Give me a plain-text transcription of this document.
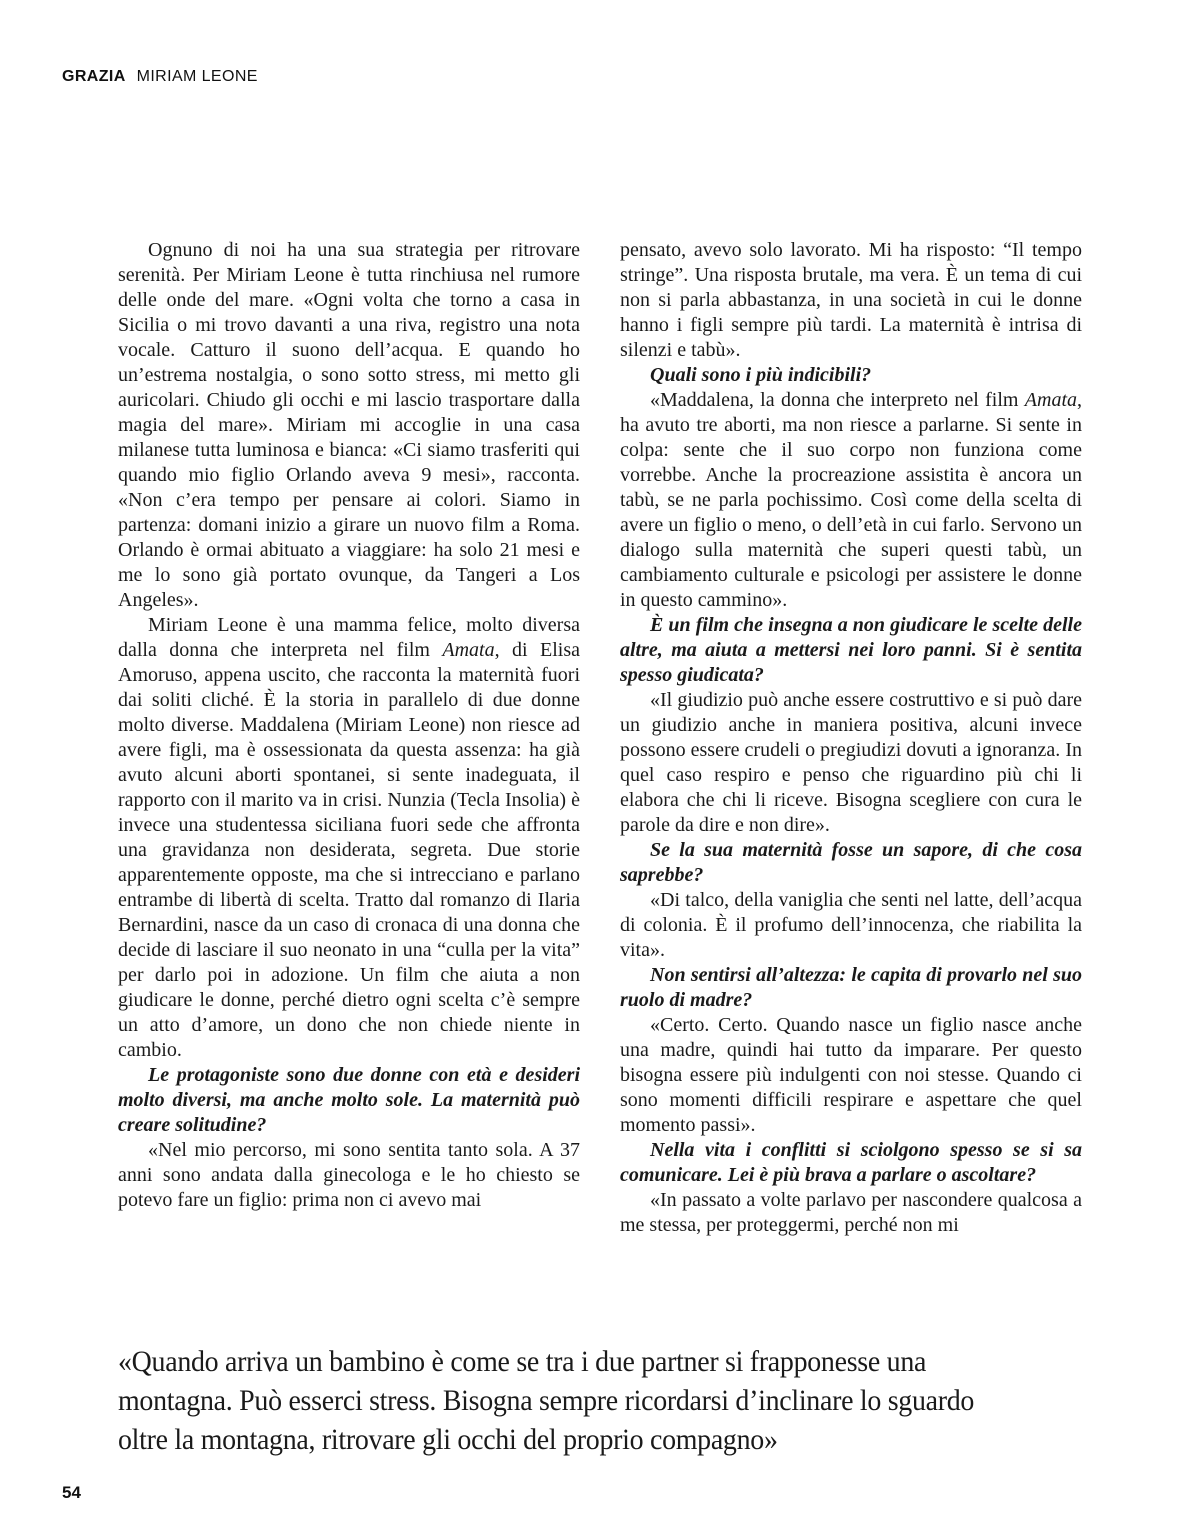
GRAZIA MIRIAM LEONE

Ognuno di noi ha una sua strategia per ritrovare serenità. Per Miriam Leone è tutta rinchiusa nel rumore delle onde del mare. «Ogni volta che torno a casa in Sicilia o mi trovo davanti a una riva, registro una nota vocale. Catturo il suono dell’acqua. E quando ho un’estrema nostalgia, o sono sotto stress, mi metto gli auricolari. Chiudo gli occhi e mi lascio trasportare dalla magia del mare». Miriam mi accoglie in una casa milanese tutta luminosa e bianca: «Ci siamo trasferiti qui quando mio figlio Orlando aveva 9 mesi», racconta. «Non c’era tempo per pensare ai colori. Siamo in partenza: domani inizio a girare un nuovo film a Roma. Orlando è ormai abituato a viaggiare: ha solo 21 mesi e me lo sono già portato ovunque, da Tangeri a Los Angeles».

Miriam Leone è una mamma felice, molto diversa dalla donna che interpreta nel film Amata, di Elisa Amoruso, appena uscito, che racconta la maternità fuori dai soliti cliché. È la storia in parallelo di due donne molto diverse. Maddalena (Miriam Leone) non riesce ad avere figli, ma è ossessionata da questa assenza: ha già avuto alcuni aborti spontanei, si sente inadeguata, il rapporto con il marito va in crisi. Nunzia (Tecla Insolia) è invece una studentessa siciliana fuori sede che affronta una gravidanza non desiderata, segreta. Due storie apparentemente opposte, ma che si intrecciano e parlano entrambe di libertà di scelta. Tratto dal romanzo di Ilaria Bernardini, nasce da un caso di cronaca di una donna che decide di lasciare il suo neonato in una “culla per la vita” per darlo poi in adozione. Un film che aiuta a non giudicare le donne, perché dietro ogni scelta c’è sempre un atto d’amore, un dono che non chiede niente in cambio.

Le protagoniste sono due donne con età e desideri molto diversi, ma anche molto sole. La maternità può creare solitudine?

«Nel mio percorso, mi sono sentita tanto sola. A 37 anni sono andata dalla ginecologa e le ho chiesto se potevo fare un figlio: prima non ci avevo mai

pensato, avevo solo lavorato. Mi ha risposto: “Il tempo stringe”. Una risposta brutale, ma vera. È un tema di cui non si parla abbastanza, in una società in cui le donne hanno i figli sempre più tardi. La maternità è intrisa di silenzi e tabù».

Quali sono i più indicibili?

«Maddalena, la donna che interpreto nel film Amata, ha avuto tre aborti, ma non riesce a parlarne. Si sente in colpa: sente che il suo corpo non funziona come vorrebbe. Anche la procreazione assistita è ancora un tabù, se ne parla pochissimo. Così come della scelta di avere un figlio o meno, o dell’età in cui farlo. Servono un dialogo sulla maternità che superi questi tabù, un cambiamento culturale e psicologi per assistere le donne in questo cammino».

È un film che insegna a non giudicare le scelte delle altre, ma aiuta a mettersi nei loro panni. Si è sentita spesso giudicata?

«Il giudizio può anche essere costruttivo e si può dare un giudizio anche in maniera positiva, alcuni invece possono essere crudeli o pregiudizi dovuti a ignoranza. In quel caso respiro e penso che riguardino più chi li elabora che chi li riceve. Bisogna scegliere con cura le parole da dire e non dire».

Se la sua maternità fosse un sapore, di che cosa saprebbe?

«Di talco, della vaniglia che senti nel latte, dell’acqua di colonia. È il profumo dell’innocenza, che riabilita la vita».

Non sentirsi all’altezza: le capita di provarlo nel suo ruolo di madre?

«Certo. Certo. Quando nasce un figlio nasce anche una madre, quindi hai tutto da imparare. Per questo bisogna essere più indulgenti con noi stesse. Quando ci sono momenti difficili respirare e aspettare che quel momento passi».

Nella vita i conflitti si sciolgono spesso se si sa comunicare. Lei è più brava a parlare o ascoltare?

«In passato a volte parlavo per nascondere qualcosa a me stessa, per proteggermi, perché non mi

«Quando arriva un bambino è come se tra i due partner si frapponesse una
montagna. Può esserci stress. Bisogna sempre ricordarsi d’inclinare lo sguardo
oltre la montagna, ritrovare gli occhi del proprio compagno»
54
